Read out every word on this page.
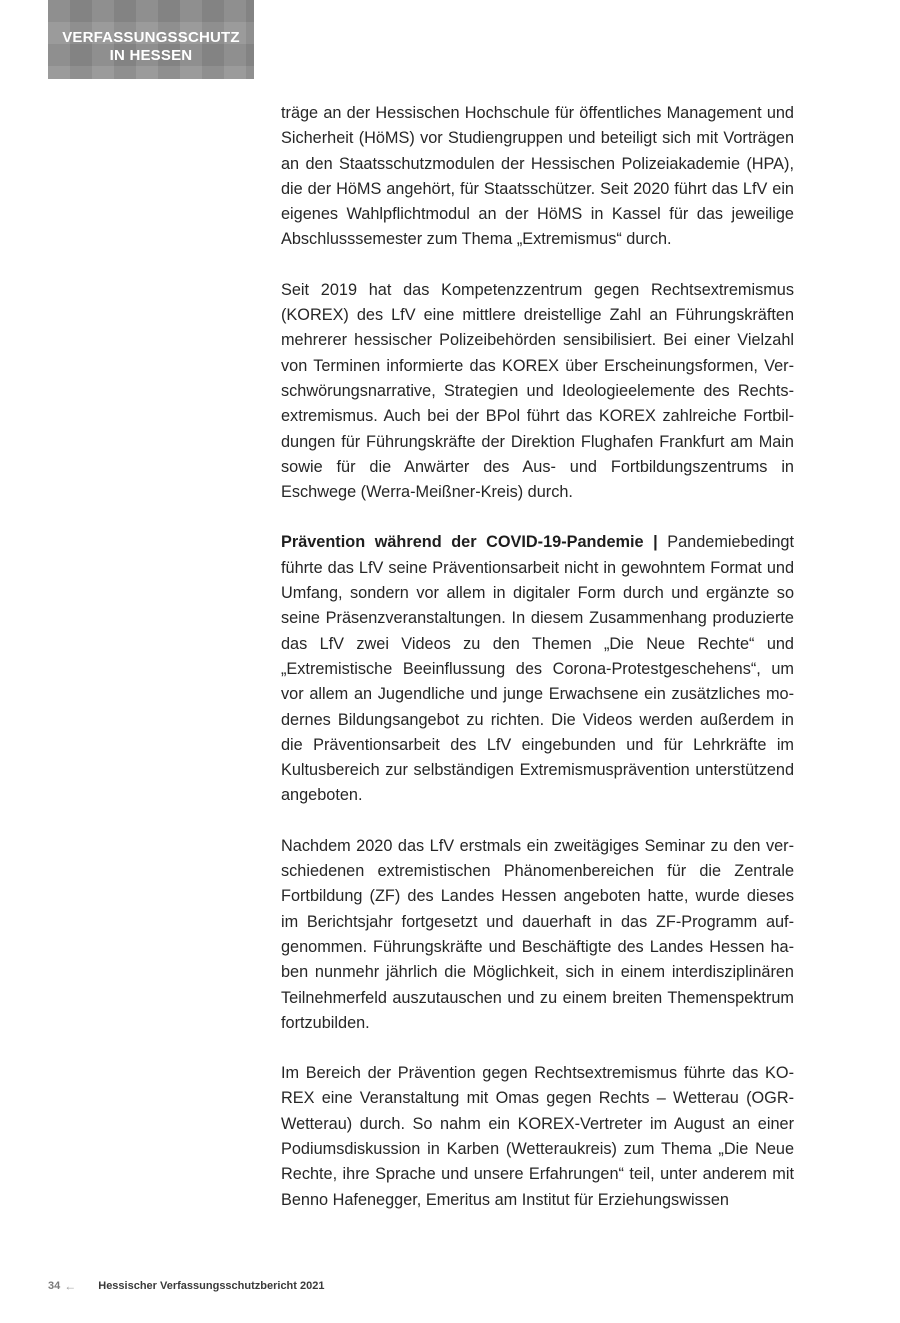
VERFASSUNGSSCHUTZ
IN HESSEN

träge an der Hessischen Hochschule für öffentliches Management und Sicherheit (HöMS) vor Studiengruppen und beteiligt sich mit Vorträgen an den Staatsschutzmodulen der Hessischen Polizeiakademie (HPA), die der HöMS angehört, für Staatsschützer. Seit 2020 führt das LfV ein eigenes Wahlpflichtmodul an der HöMS in Kassel für das jeweilige Abschlusssemester zum Thema „Extremismus“ durch.

Seit 2019 hat das Kompetenzzentrum gegen Rechtsextremismus (KOREX) des LfV eine mittlere dreistellige Zahl an Führungskräften mehrerer hessischer Polizeibehörden sensibilisiert. Bei einer Vielzahl von Terminen informierte das KOREX über Erscheinungsformen, Verschwörungsnarrative, Strategien und Ideologieelemente des Rechtsextremismus. Auch bei der BPol führt das KOREX zahlreiche Fortbildungen für Führungskräfte der Direktion Flughafen Frankfurt am Main sowie für die Anwärter des Aus- und Fortbildungszentrums in Eschwege (Werra-Meißner-Kreis) durch.

Prävention während der COVID-19-Pandemie | Pandemiebedingt führte das LfV seine Präventionsarbeit nicht in gewohntem Format und Umfang, sondern vor allem in digitaler Form durch und ergänzte so seine Präsenzveranstaltungen. In diesem Zusammenhang produzierte das LfV zwei Videos zu den Themen „Die Neue Rechte“ und „Extremistische Beeinflussung des Corona-Protestgeschehens“, um vor allem an Jugendliche und junge Erwachsene ein zusätzliches modernes Bildungsangebot zu richten. Die Videos werden außerdem in die Präventionsarbeit des LfV eingebunden und für Lehrkräfte im Kultusbereich zur selbständigen Extremismusprävention unterstützend angeboten.

Nachdem 2020 das LfV erstmals ein zweitägiges Seminar zu den verschiedenen extremistischen Phänomenbereichen für die Zentrale Fortbildung (ZF) des Landes Hessen angeboten hatte, wurde dieses im Berichtsjahr fortgesetzt und dauerhaft in das ZF-Programm aufgenommen. Führungskräfte und Beschäftigte des Landes Hessen haben nunmehr jährlich die Möglichkeit, sich in einem interdisziplinären Teilnehmerfeld auszutauschen und zu einem breiten Themenspektrum fortzubilden.

Im Bereich der Prävention gegen Rechtsextremismus führte das KOREX eine Veranstaltung mit Omas gegen Rechts – Wetterau (OGR-Wetterau) durch. So nahm ein KOREX-Vertreter im August an einer Podiumsdiskussion in Karben (Wetteraukreis) zum Thema „Die Neue Rechte, ihre Sprache und unsere Erfahrungen“ teil, unter anderem mit Benno Hafenegger, Emeritus am Institut für Erziehungswissen

34 ← Hessischer Verfassungsschutzbericht 2021
